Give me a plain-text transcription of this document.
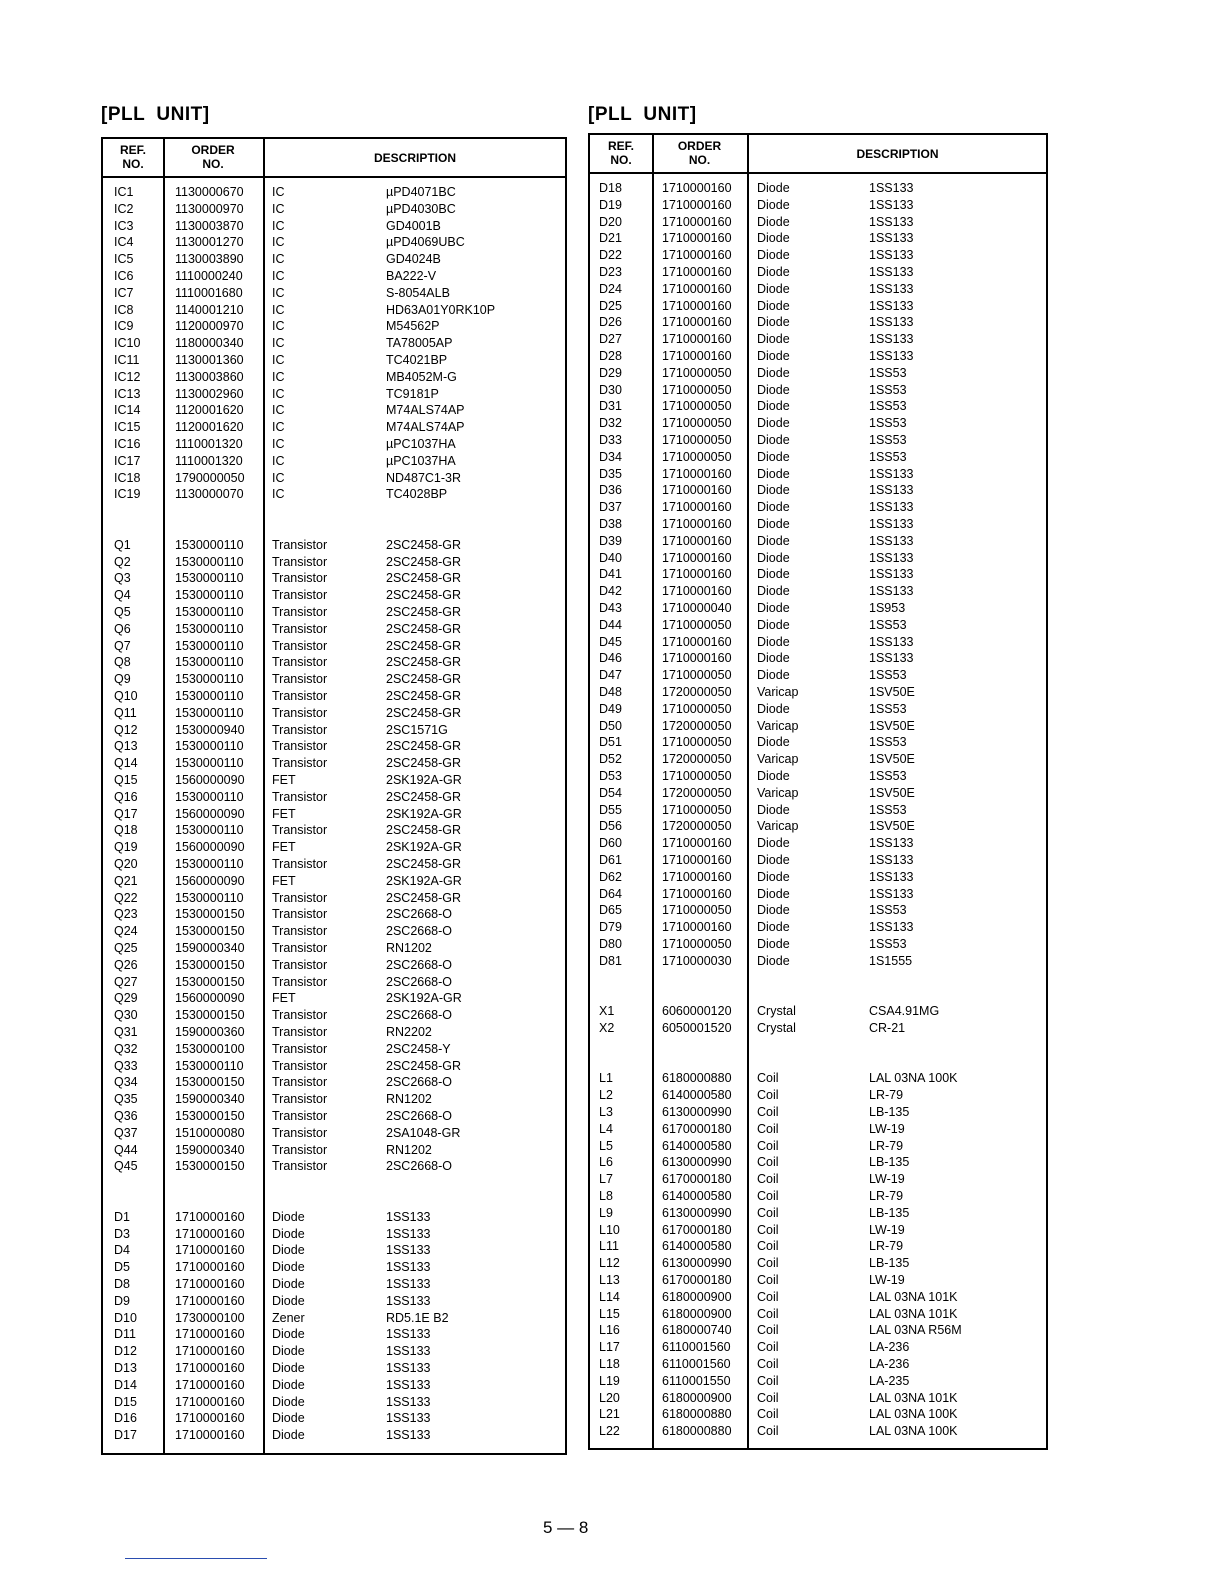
[PLL  UNIT]	[PLL  UNIT]
REF.
NO.
ORDER
NO.	DESCRIPTION
IC1	1130000670 IC	µPD4071BC
IC2	1130000970 IC	µPD4030BC
IC3	1130003870 IC	GD4001B
IC4	1130001270 IC	µPD4069UBC
IC5	1130003890 IC	GD4024B
IC6	1110000240 IC	BA222-V
IC7	1110001680 IC	S-8054ALB
IC8	1140001210 IC	HD63A01Y0RK10P
IC9	1120000970 IC	M54562P
IC10	1180000340 IC	TA78005AP
IC11	1130001360 IC	TC4021BP
IC12	1130003860 IC	MB4052M-G
IC13	1130002960 IC	TC9181P
IC14	1120001620 IC	M74ALS74AP
IC15	1120001620 IC	M74ALS74AP
IC16	1110001320 IC	µPC1037HA
IC17	1110001320 IC	µPC1037HA
IC18	1790000050 IC	ND487C1-3R
IC19	1130000070 IC	TC4028BP
Q1	1530000110 Transistor	2SC2458-GR
Q2	1530000110 Transistor	2SC2458-GR
Q3	1530000110 Transistor	2SC2458-GR
Q4	1530000110 Transistor	2SC2458-GR
Q5	1530000110 Transistor	2SC2458-GR
Q6	1530000110 Transistor	2SC2458-GR
Q7	1530000110 Transistor	2SC2458-GR
Q8	1530000110 Transistor	2SC2458-GR
Q9	1530000110 Transistor	2SC2458-GR
Q10	1530000110 Transistor	2SC2458-GR
Q11	1530000110 Transistor	2SC2458-GR
Q12	1530000940 Transistor	2SC1571G
Q13	1530000110 Transistor	2SC2458-GR
Q14	1530000110 Transistor	2SC2458-GR
Q15	1560000090 FET	2SK192A-GR
Q16	1530000110 Transistor	2SC2458-GR
Q17	1560000090 FET	2SK192A-GR
Q18	1530000110 Transistor	2SC2458-GR
Q19	1560000090 FET	2SK192A-GR
Q20	1530000110 Transistor	2SC2458-GR
Q21	1560000090 FET	2SK192A-GR
Q22	1530000110 Transistor	2SC2458-GR
Q23	1530000150 Transistor	2SC2668-O
Q24	1530000150 Transistor	2SC2668-O
Q25	1590000340 Transistor	RN1202
Q26	1530000150 Transistor	2SC2668-O
Q27	1530000150 Transistor	2SC2668-O
Q29	1560000090 FET	2SK192A-GR
Q30	1530000150 Transistor	2SC2668-O
Q31	1590000360 Transistor	RN2202
Q32	1530000100 Transistor	2SC2458-Y
Q33	1530000110 Transistor	2SC2458-GR
Q34	1530000150 Transistor	2SC2668-O
Q35	1590000340 Transistor	RN1202
Q36	1530000150 Transistor	2SC2668-O
Q37	1510000080 Transistor	2SA1048-GR
Q44	1590000340 Transistor	RN1202
Q45	1530000150 Transistor	2SC2668-O
D1	1710000160 Diode	1SS133
D3	1710000160 Diode	1SS133
D4	1710000160 Diode	1SS133
D5	1710000160 Diode	1SS133
D8	1710000160 Diode	1SS133
D9	1710000160 Diode	1SS133
D10	1730000100 Zener	RD5.1E B2
D11	1710000160 Diode	1SS133
D12	1710000160 Diode	1SS133
D13	1710000160 Diode	1SS133
D14	1710000160 Diode	1SS133
D15	1710000160 Diode	1SS133
D16	1710000160 Diode	1SS133
D17	1710000160 Diode	1SS133
REF.
NO.
ORDER
NO.	DESCRIPTION
D18	1710000160 Diode	1SS133
D19	1710000160 Diode	1SS133
D20	1710000160 Diode	1SS133
D21	1710000160 Diode	1SS133
D22	1710000160 Diode	1SS133
D23	1710000160 Diode	1SS133
D24	1710000160 Diode	1SS133
D25	1710000160 Diode	1SS133
D26	1710000160 Diode	1SS133
D27	1710000160 Diode	1SS133
D28	1710000160 Diode	1SS133
D29	1710000050 Diode	1SS53
D30	1710000050 Diode	1SS53
D31	1710000050 Diode	1SS53
D32	1710000050 Diode	1SS53
D33	1710000050 Diode	1SS53
D34	1710000050 Diode	1SS53
D35	1710000160 Diode	1SS133
D36	1710000160 Diode	1SS133
D37	1710000160 Diode	1SS133
D38	1710000160 Diode	1SS133
D39	1710000160 Diode	1SS133
D40	1710000160 Diode	1SS133
D41	1710000160 Diode	1SS133
D42	1710000160 Diode	1SS133
D43	1710000040 Diode	1S953
D44	1710000050 Diode	1SS53
D45	1710000160 Diode	1SS133
D46	1710000160 Diode	1SS133
D47	1710000050 Diode	1SS53
D48	1720000050 Varicap	1SV50E
D49	1710000050 Diode	1SS53
D50	1720000050 Varicap	1SV50E
D51	1710000050 Diode	1SS53
D52	1720000050 Varicap	1SV50E
D53	1710000050 Diode	1SS53
D54	1720000050 Varicap	1SV50E
D55	1710000050 Diode	1SS53
D56	1720000050 Varicap	1SV50E
D60	1710000160 Diode	1SS133
D61	1710000160 Diode	1SS133
D62	1710000160 Diode	1SS133
D64	1710000160 Diode	1SS133
D65	1710000050 Diode	1SS53
D79	1710000160 Diode	1SS133
D80	1710000050 Diode	1SS53
D81	1710000030 Diode	1S1555
X1	6060000120 Crystal	CSA4.91MG
X2	6050001520 Crystal	CR-21
L1	6180000880 Coil	LAL 03NA 100K
L2	6140000580 Coil	LR-79
L3	6130000990 Coil	LB-135
L4	6170000180 Coil	LW-19
L5	6140000580 Coil	LR-79
L6	6130000990 Coil	LB-135
L7	6170000180 Coil	LW-19
L8	6140000580 Coil	LR-79
L9	6130000990 Coil	LB-135
L10	6170000180 Coil	LW-19
L11	6140000580 Coil	LR-79
L12	6130000990 Coil	LB-135
L13	6170000180 Coil	LW-19
L14	6180000900 Coil	LAL 03NA 101K
L15	6180000900 Coil	LAL 03NA 101K
L16	6180000740 Coil	LAL 03NA R56M
L17	6110001560 Coil	LA-236
L18	6110001560 Coil	LA-236
L19	6110001550 Coil	LA-235
L20	6180000900 Coil	LAL 03NA 101K
L21	6180000880 Coil	LAL 03NA 100K
L22	6180000880 Coil	LAL 03NA 100K
5 — 8
